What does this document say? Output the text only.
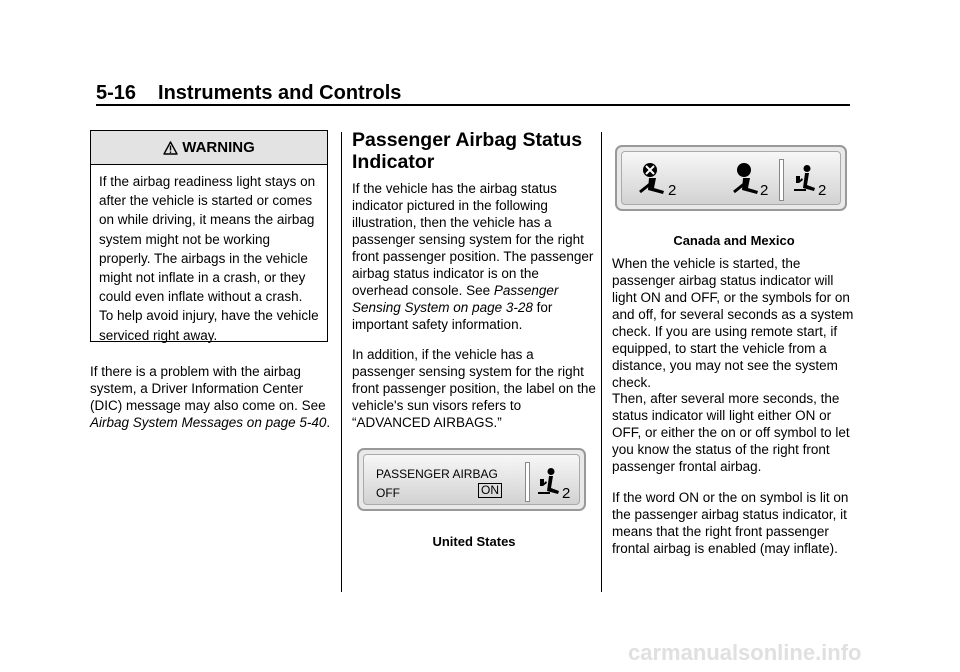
5-16 Instruments and Controls
WARNING
If the airbag readiness light stays on after the vehicle is started or comes on while driving, it means the airbag system might not be working properly. The airbags in the vehicle might not inflate in a crash, or they could even inflate without a crash. To help avoid injury, have the vehicle serviced right away.
If there is a problem with the airbag system, a Driver Information Center (DIC) message may also come on. See Airbag System Messages on page 5-40.
Passenger Airbag Status Indicator
If the vehicle has the airbag status indicator pictured in the following illustration, then the vehicle has a passenger sensing system for the right front passenger position. The passenger airbag status indicator is on the overhead console. See Passenger Sensing System on page 3-28 for important safety information.
In addition, if the vehicle has a passenger sensing system for the right front passenger position, the label on the vehicle's sun visors refers to “ADVANCED AIRBAGS.”
PASSENGER AIRBAG
OFF	ON	2
United States
2	2	2
Canada and Mexico
When the vehicle is started, the passenger airbag status indicator will light ON and OFF, or the symbols for on and off, for several seconds as a system check. If you are using remote start, if equipped, to start the vehicle from a distance, you may not see the system check.
Then, after several more seconds, the status indicator will light either ON or OFF, or either the on or off symbol to let you know the status of the right front passenger frontal airbag.
If the word ON or the on symbol is lit on the passenger airbag status indicator, it means that the right front passenger frontal airbag is enabled (may inflate).
carmanualsonline.info
